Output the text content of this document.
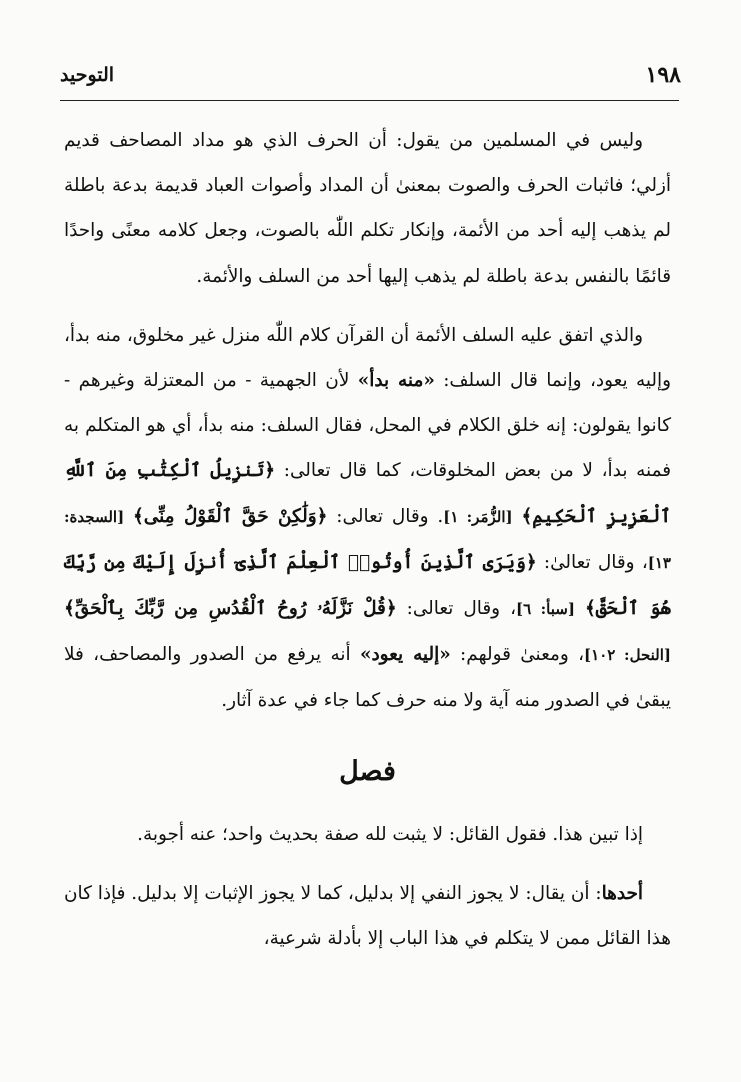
١٩٨
التوحيد

وليس في المسلمين من يقول: أن الحرف الذي هو مداد المصاحف قديم أزلي؛ فاثبات الحرف والصوت بمعنىٰ أن المداد وأصوات العباد قديمة بدعة باطلة لم يذهب إليه أحد من الأئمة، وإنكار تكلم اللّٰه بالصوت، وجعل كلامه معنًى واحدًا قائمًا بالنفس بدعة باطلة لم يذهب إليها أحد من السلف والأئمة.

والذي اتفق عليه السلف الأئمة أن القرآن كلام اللّٰه منزل غير مخلوق، منه بدأ، وإليه يعود، وإنما قال السلف: «منه بدأ» لأن الجهمية - من المعتزلة وغيرهم - كانوا يقولون: إنه خلق الكلام في المحل، فقال السلف: منه بدأ، أي هو المتكلم به فمنه بدأ، لا من بعض المخلوقات، كما قال تعالى: ﴿تَنزِيلُ ٱلْكِتَٰبِ مِنَ ٱللَّهِ ٱلْعَزِيزِ ٱلْحَكِيمِ﴾ [الزُّمَر: ١]. وقال تعالى: ﴿وَلَٰكِنْ حَقَّ ٱلْقَوْلُ مِنِّى﴾ [السجدة: ١٣]، وقال تعالىٰ: ﴿وَيَرَى ٱلَّذِينَ أُوتُوا۟ ٱلْعِلْمَ ٱلَّذِىٓ أُنزِلَ إِلَيْكَ مِن رَّبِّكَ هُوَ ٱلْحَقَّ﴾ [سبأ: ٦]، وقال تعالى: ﴿قُلْ نَزَّلَهُۥ رُوحُ ٱلْقُدُسِ مِن رَّبِّكَ بِٱلْحَقِّ﴾ [النحل: ١٠٢]، ومعنىٰ قولهم: «إليه يعود» أنه يرفع من الصدور والمصاحف، فلا يبقىٰ في الصدور منه آية ولا منه حرف كما جاء في عدة آثار.

فصل

إذا تبين هذا. فقول القائل: لا يثبت لله صفة بحديث واحد؛ عنه أجوبة.

أحدها: أن يقال: لا يجوز النفي إلا بدليل، كما لا يجوز الإثبات إلا بدليل. فإذا كان هذا القائل ممن لا يتكلم في هذا الباب إلا بأدلة شرعية،
